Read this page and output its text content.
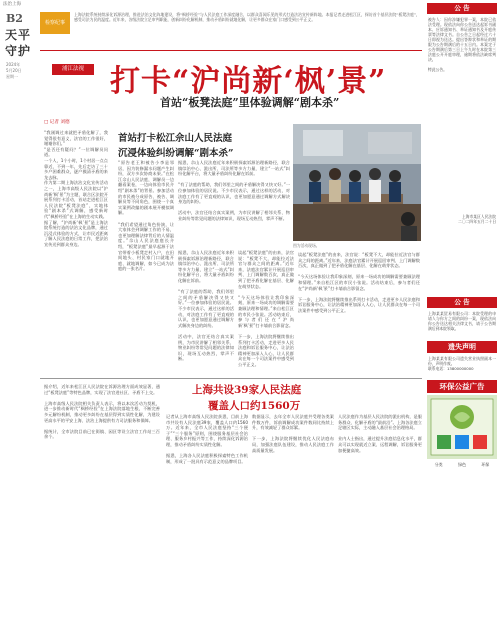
法治上海
B2
天平
守护
2024年
5月20日
星期一
检察纪事
上海法院系统持续深化诉源治理，推进法治文化阵地建设，将“枫桥经验”与人民法庭工作深度融合，以群众喜闻乐见的形式打造法治宣传新阵地。本报记者走进松江区，探访首个基层法院“板凳法庭”，感受司法为民的温度。近年来，各级法院立足审判职能，创新纠纷化解机制，推动矛盾纠纷就地化解，让更多群众在家门口感受到公平正义。
公 告
被告人：因你涉嫌犯罪一案，本院已依法受理。现依法向你公告送达起诉书副本、应诉通知书、举证通知书及开庭传票等法律文书。自公告之日起经过六十日即视为送达。提出答辩状和举证的期限为公告期满后的十五日内。本案定于公告期满后第三日上午九时在本院第三法庭公开开庭审理，逾期将依法缺席判决。

特此公告。
上海市某区人民法院
二〇二四年五月二十日
公 告
上海某某贸易有限公司：本院受理的申请人与你方之间的纠纷一案，现依法向你公告送达相关法律文书，请于公告期满后到本院领取。
遗失声明
上海某某有限公司遗失营业执照副本一份，声明作废。
联系电话：13800000000
环保公益广告
分类	绿色	环保
浦江法视 打卡“沪尚新‘枫’景”
首站“板凳法庭”里体验调解“剧本杀”
□ 记者 刘德

“我刚调过来就把矛盾化解了，我觉得很有意义，法官的工作很好，谢谢你们。”

“是否还有疑问？”一位调解员问道。

一个人，1个小时，1个村居一点点靠近，不到一年，先后走访了三十多户困难群众，逐户摸清矛盾的来龙去脉。

作为第二期上海法治文化宣传活动之一，上海市高级人民法院以“沪尚新‘枫’景”为主题，联合区法院开展系列打卡活动，首站走进松江区人民法院“板凳法庭”，实地体验“剧本杀”式调解，感受新时代“枫桥经验”在上海的生动实践。

据了解，“沪尚新‘枫’景”是上海法院系统打造的法治文化品牌，通过沉浸式体验的方式，让市民近距离了解人民法庭的日常工作，把法治宣传送到群众身边。

首站打卡松江佘山人民法庭
沉浸体验纠纷调解“剧本杀”
图为活动现场。
“原告老王和被告小李是邻居，因为装修漏水问题产生纠纷，双方多次协商未果。”在松江佘山人民法庭，调解员一边翻看案卷，一边向体验市民介绍“剧本杀”的背景。参加活动的市民被分成原告、被告、调解员等不同角色，围绕一个真实案例改编的剧本展开模拟调解。

“我们希望通过角色扮演，让大家体会到调解工作的不易，也更加理解法律背后的人情温度。”佘山人民法庭庭长介绍，“板凳法庭”最早起源于法官带着小板凳走村入户，在田间地头、村民家门口就地开庭、就地调解，如今已成为法庭的一张名片。
据悉，佘山人民法庭近年来积极探索诉源治理新路径，联合镇综治中心、派出所、司法所等多方力量，建立“一站式”纠纷化解平台，将大量矛盾纠纷化解在诉前。

“有了法庭的帮助，我们邻里之间的矛盾解决得又快又好。”一位参加体验的居民说。不少市民表示，通过这样的活动，对法庭工作有了更直观的认识，也更加愿意通过调解方式解决身边的纠纷。

活动中，法官还结合真实案例，为市民讲解了相邻关系、物业纠纷等常见问题的法律知识，现场互动热烈，掌声不断。
谈起“板凳法庭”的由来，法官说：“板凳不大，却能拉近法官与群众之间的距离。”近年来，法庭法官累计开展巡回审判、上门调解数百次，真正做到了把矛盾化解在基层、化解在萌芽状态。

“今天这场体验让我印象深刻，原来一场成功的调解需要兼顾法理和情理。”来自松江区的市民小张说。活动结束后，参与者们还在“沪尚新‘枫’景”打卡墙前合影留念。

下一步，上海法院将继续推出系列打卡活动，走进更多人民法庭和诉讼服务中心，让法治精神更加深入人心，让人民群众在每一个司法案件中感受到公平正义。
据悉，佘山人民法庭近年来积极探索诉源治理新路径，联合镇综治中心、派出所、司法所等多方力量，建立“一站式”纠纷化解平台，将大量矛盾纠纷化解在诉前。

“有了法庭的帮助，我们邻里之间的矛盾解决得又快又好。”一位参加体验的居民说。不少市民表示，通过这样的活动，对法庭工作有了更直观的认识，也更加愿意通过调解方式解决身边的纠纷。

活动中，法官还结合真实案例，为市民讲解了相邻关系、物业纠纷等常见问题的法律知识，现场互动热烈，掌声不断。
谈起“板凳法庭”的由来，法官说：“板凳不大，却能拉近法官与群众之间的距离。”近年来，法庭法官累计开展巡回审判、上门调解数百次，真正做到了把矛盾化解在基层、化解在萌芽状态。

“今天这场体验让我印象深刻，原来一场成功的调解需要兼顾法理和情理。”来自松江区的市民小张说。活动结束后，参与者们还在“沪尚新‘枫’景”打卡墙前合影留念。

下一步，上海法院将继续推出系列打卡活动，走进更多人民法庭和诉讼服务中心，让法治精神更加深入人心，让人民群众在每一个司法案件中感受到公平正义。
据介绍，近年来松江区人民法院在诉源治理方面成效显著，通过“板凳法庭”等特色品牌，实现了法官进社区、矛盾不上交。

上海市高级人民法院相关负责人表示，将以本次活动为契机，进一步推动新时代“枫桥经验”在上海法院落地生根，不断完善多元解纷机制，推动更多纠纷在基层得到实质性化解，为建设更高水平的平安上海、法治上海提供有力司法服务和保障。

据统计，全市法院目前已在街镇、园区等设立法官工作站三百余个。
上海共设39家人民法庭
覆盖人口约1560万
记者从上海市高级人民法院获悉，目前上海市共设有人民法庭39家，覆盖人口约1560万。近年来，全市人民法庭坚持“三个便于”“三个服务”原则，围绕服务基层社会治理、服务乡村振兴等工作，持续深化诉源治理，推动矛盾纠纷实质性化解。

据悉，上海各人民法庭积极探索特色工作机制，形成了一批具有示范意义的品牌项目。
数据显示，去年全市人民法庭共受理各类案件数万件，诉前调解成功案件数同比持续上升，有效减轻了群众诉累。

下一步，上海法院将继续优化人民法庭布局，加强法庭队伍建设，推动人民法庭工作高质量发展。
人民法庭作为基层人民法院的派出机构，是服务群众、化解矛盾的“最前沿”。上海各法庭立足辖区实际，主动融入基层社会治理格局。

业内人士指出，通过提升法庭信息化水平，群众可以实现就近立案、远程调解，诉讼服务更加便捷高效。
